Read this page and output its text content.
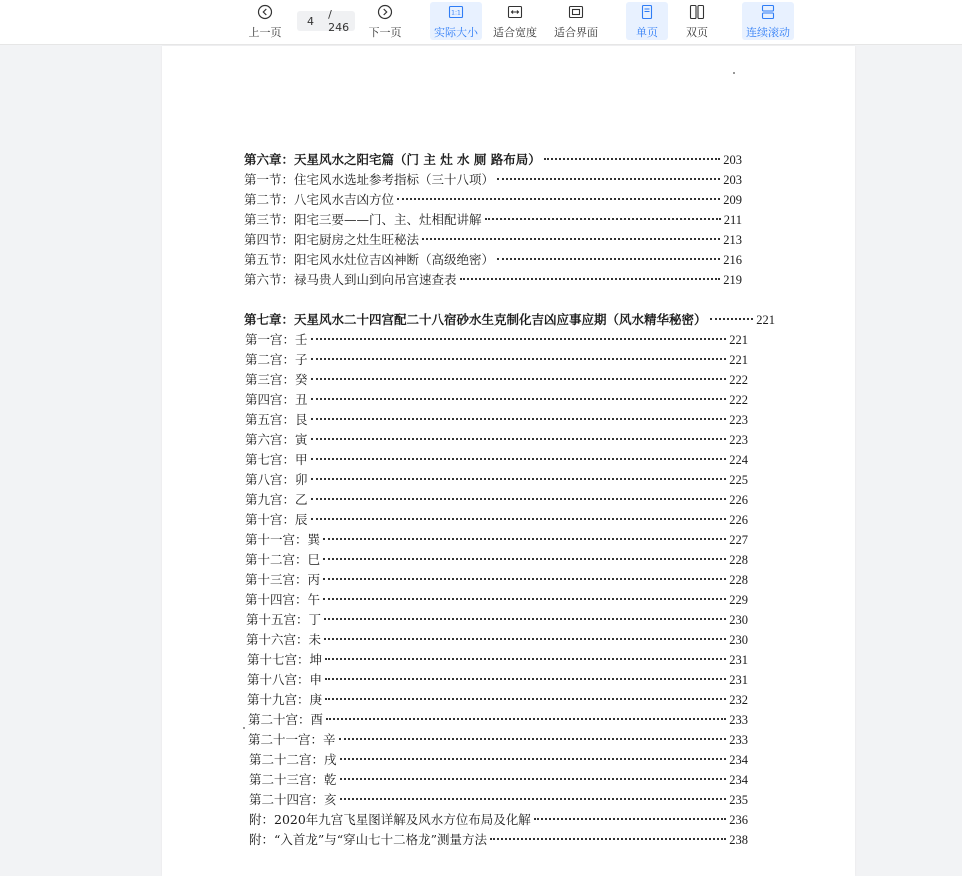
上一页
4	/ 246	下一页
1:1
实际大小 适合宽度 适合界面	单页	双页	连续滚动
第六章：天星风水之阳宅篇（门 主 灶 水 厕 路布局）	203
第一节：住宅风水选址参考指标（三十八项）	203
第二节：八宅风水吉凶方位	209
第三节：阳宅三要——门、主、灶相配讲解	211
第四节：阳宅厨房之灶生旺秘法	213
第五节：阳宅风水灶位吉凶神断（高级绝密）	216
第六节：禄马贵人到山到向吊宫速查表	219
第七章：天星风水二十四宫配二十八宿砂水生克制化吉凶应事应期（风水精华秘密）	221
第一宫：壬	221
第二宫：子	221
第三宫：癸	222
第四宫：丑	222
第五宫：艮	223
第六宫：寅	223
第七宫：甲	224
第八宫：卯	225
第九宫：乙	226
第十宫：辰	226
第十一宫：巽	227
第十二宫：巳	228
第十三宫：丙	228
第十四宫：午	229
第十五宫：丁	230
第十六宫：未	230
第十七宫：坤	231
第十八宫：申	231
第十九宫：庚	232
第二十宫：酉	233
第二十一宫：辛	233
第二十二宫：戌	234
第二十三宫：乾	234
第二十四宫：亥	235
附：2020年九宫飞星图详解及风水方位布局及化解	236
附：“入首龙”与“穿山七十二格龙”测量方法	238
